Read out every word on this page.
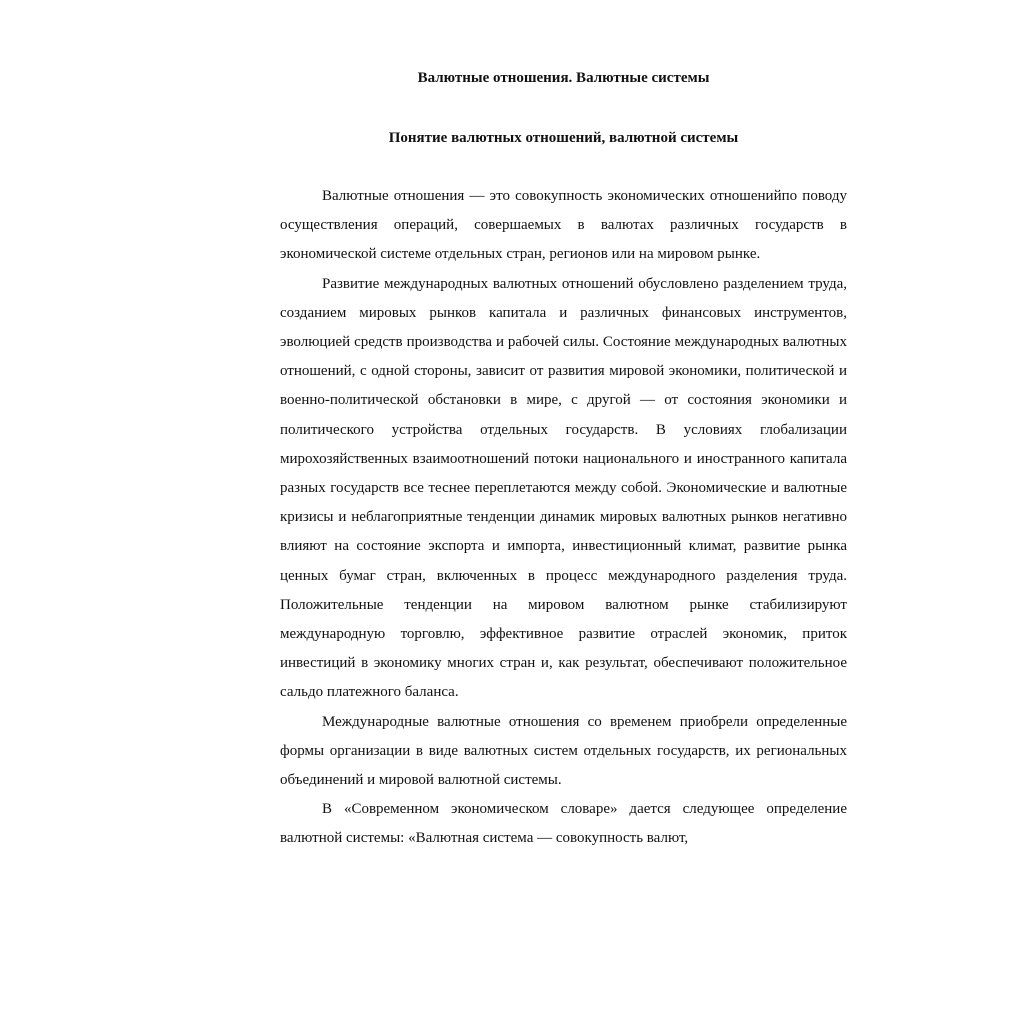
Валютные отношения. Валютные системы
Понятие валютных отношений, валютной системы

Валютные отношения — это совокупность экономических отношенийпо поводу осуществления операций, совершаемых в валютах различных государств в экономической системе отдельных стран, регионов или на мировом рынке.

Развитие международных валютных отношений обусловлено разделением труда, созданием мировых рынков капитала и различных финансовых инструментов, эволюцией средств производства и рабочей силы. Состояние международных валютных отношений, с одной стороны, зависит от развития мировой экономики, политической и военно-политической обстановки в мире, с другой — от состояния экономики и политического устройства отдельных государств. В условиях глобализации мирохозяйственных взаимоотношений потоки национального и иностранного капитала разных государств все теснее переплетаются между собой. Экономические и валютные кризисы и неблагоприятные тенденции динамик мировых валютных рынков негативно влияют на состояние экспорта и импорта, инвестиционный климат, развитие рынка ценных бумаг стран, включенных в процесс международного разделения труда. Положительные тенденции на мировом валютном рынке стабилизируют международную торговлю, эффективное развитие отраслей экономик, приток инвестиций в экономику многих стран и, как результат, обеспечивают положительное сальдо платежного баланса.

Международные валютные отношения со временем приобрели определенные формы организации в виде валютных систем отдельных государств, их региональных объединений и мировой валютной системы.

В «Современном экономическом словаре» дается следующее определение валютной системы: «Валютная система — совокупность валют,
